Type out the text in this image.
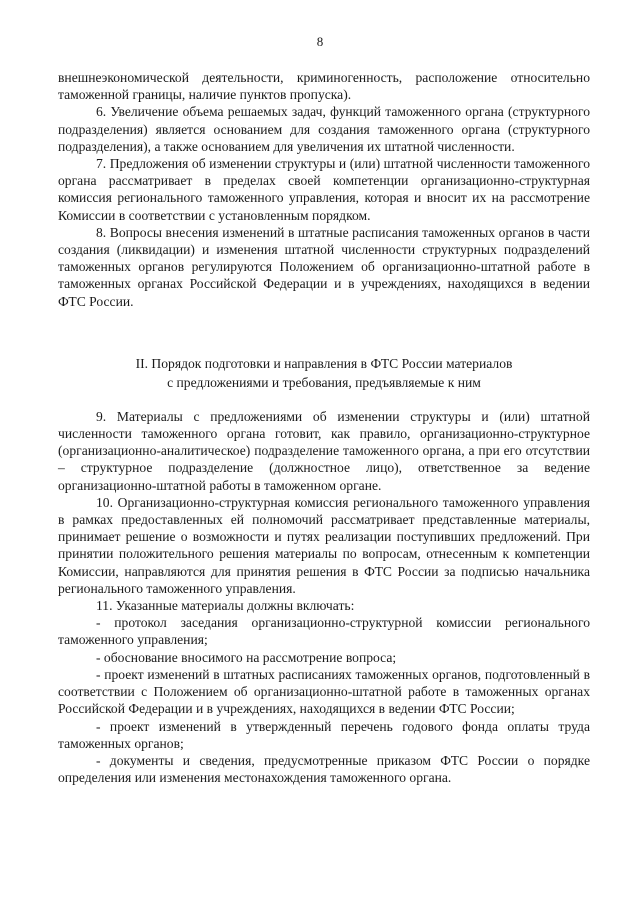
8

внешнеэкономической деятельности, криминогенность, расположение относительно таможенной границы, наличие пунктов пропуска).

6. Увеличение объема решаемых задач, функций таможенного органа (структурного подразделения) является основанием для создания таможенного органа (структурного подразделения), а также основанием для увеличения их штатной численности.

7. Предложения об изменении структуры и (или) штатной численности таможенного органа рассматривает в пределах своей компетенции организационно-структурная комиссия регионального таможенного управления, которая и вносит их на рассмотрение Комиссии в соответствии с установленным порядком.

8. Вопросы внесения изменений в штатные расписания таможенных органов в части создания (ликвидации) и изменения штатной численности структурных подразделений таможенных органов регулируются Положением об организационно-штатной работе в таможенных органах Российской Федерации и в учреждениях, находящихся в ведении ФТС России.

II. Порядок подготовки и направления в ФТС России материалов
с предложениями и требования, предъявляемые к ним

9. Материалы с предложениями об изменении структуры и (или) штатной численности таможенного органа готовит, как правило, организационно-структурное (организационно-аналитическое) подразделение таможенного органа, а при его отсутствии – структурное подразделение (должностное лицо), ответственное за ведение организационно-штатной работы в таможенном органе.

10. Организационно-структурная комиссия регионального таможенного управления в рамках предоставленных ей полномочий рассматривает представленные материалы, принимает решение о возможности и путях реализации поступивших предложений. При принятии положительного решения материалы по вопросам, отнесенным к компетенции Комиссии, направляются для принятия решения в ФТС России за подписью начальника регионального таможенного управления.

11. Указанные материалы должны включать:

- протокол заседания организационно-структурной комиссии регионального таможенного управления;

- обоснование вносимого на рассмотрение вопроса;

- проект изменений в штатных расписаниях таможенных органов, подготовленный в соответствии с Положением об организационно-штатной работе в таможенных органах Российской Федерации и в учреждениях, находящихся в ведении ФТС России;

- проект изменений в утвержденный перечень годового фонда оплаты труда таможенных органов;

- документы и сведения, предусмотренные приказом ФТС России о порядке определения или изменения местонахождения таможенного органа.
